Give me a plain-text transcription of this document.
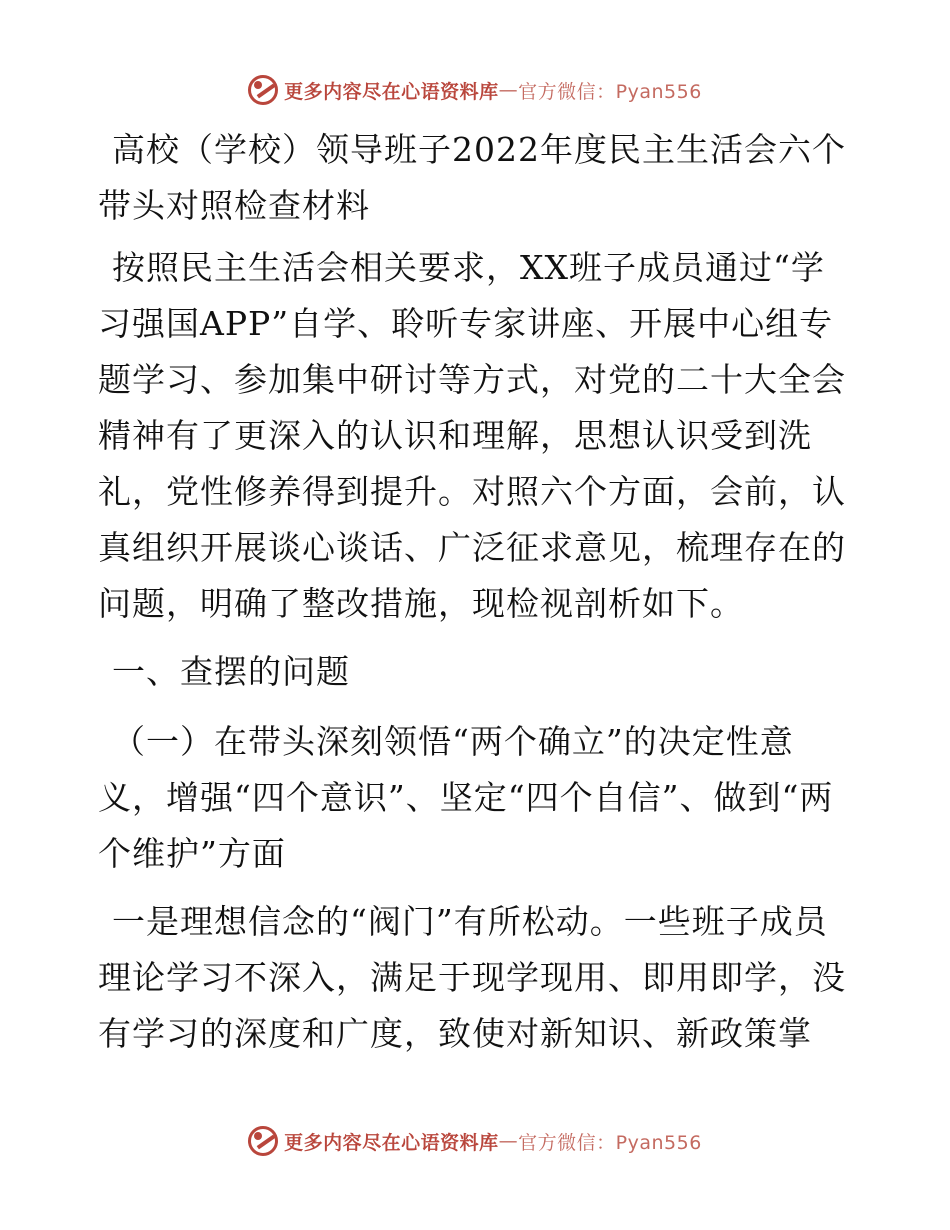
更多内容尽在心语资料库 — 官方微信：Pyan556

高校（学校）领导班子2022年度民主生活会六个带头对照检查材料

按照民主生活会相关要求，XX班子成员通过“学习强国APP”自学、聆听专家讲座、开展中心组专题学习、参加集中研讨等方式，对党的二十大全会精神有了更深入的认识和理解，思想认识受到洗礼，党性修养得到提升。对照六个方面，会前，认真组织开展谈心谈话、广泛征求意见，梳理存在的问题，明确了整改措施，现检视剖析如下。

一、查摆的问题

（一）在带头深刻领悟“两个确立”的决定性意义，增强“四个意识”、坚定“四个自信”、做到“两个维护”方面

一是理想信念的“阀门”有所松动。一些班子成员理论学习不深入，满足于现学现用、即用即学，没有学习的深度和广度，致使对新知识、新政策掌

更多内容尽在心语资料库 — 官方微信：Pyan556
